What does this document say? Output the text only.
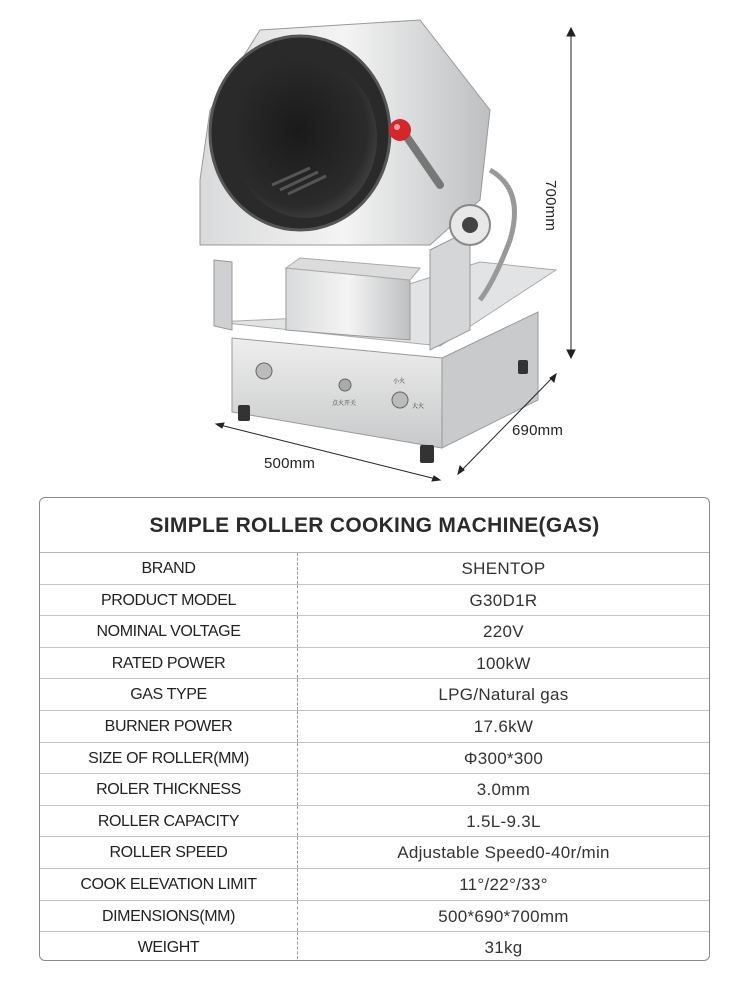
点火开关
小火
大火
500mm
690mm
700mm
SIMPLE ROLLER COOKING MACHINE(GAS)
BRAND	SHENTOP
PRODUCT MODEL	G30D1R
NOMINAL VOLTAGE	220V
RATED POWER	100kW
GAS TYPE	LPG/Natural gas
BURNER POWER	17.6kW
SIZE OF ROLLER(MM)	Φ300*300
ROLER THICKNESS	3.0mm
ROLLER CAPACITY	1.5L-9.3L
ROLLER SPEED	Adjustable Speed0-40r/min
COOK ELEVATION LIMIT	11°/22°/33°
DIMENSIONS(MM)	500*690*700mm
WEIGHT	31kg
